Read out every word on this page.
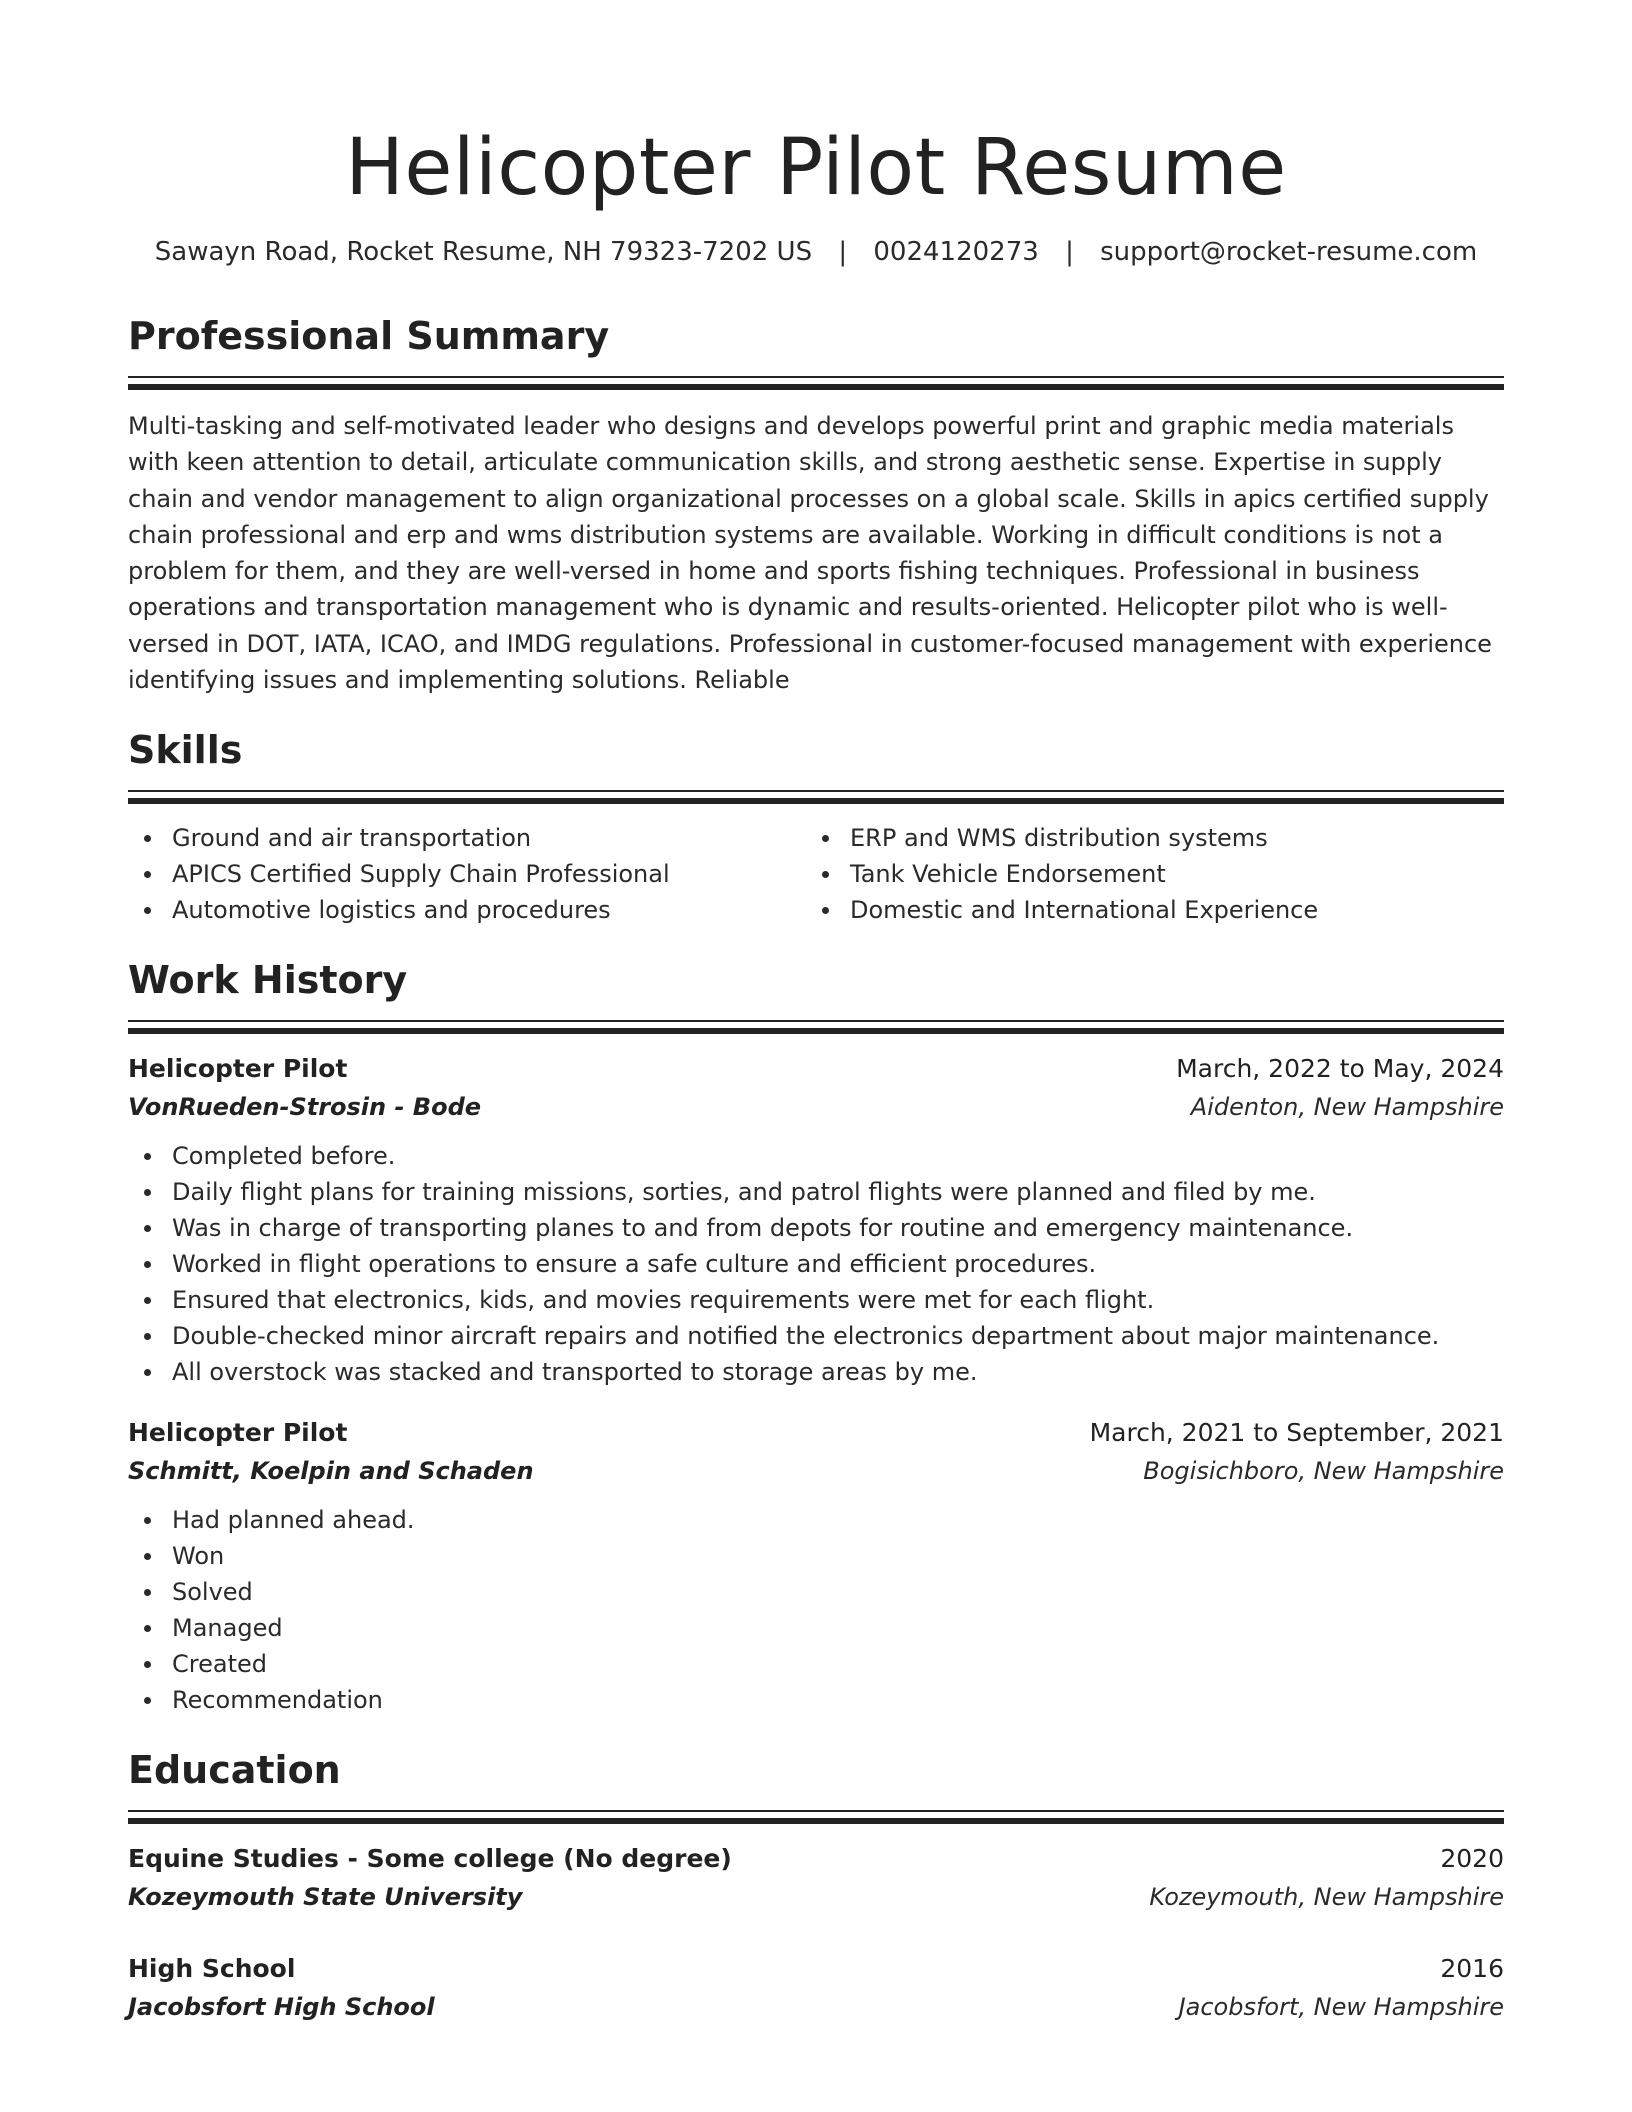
Helicopter Pilot Resume
Sawayn Road, Rocket Resume, NH 79323-7202 US | 0024120273 | support@rocket-resume.com
Professional Summary

Multi-tasking and self-motivated leader who designs and develops powerful print and graphic media materials with keen attention to detail, articulate communication skills, and strong aesthetic sense. Expertise in supply chain and vendor management to align organizational processes on a global scale. Skills in apics certified supply chain professional and erp and wms distribution systems are available. Working in difficult conditions is not a problem for them, and they are well-versed in home and sports fishing techniques. Professional in business operations and transportation management who is dynamic and results-oriented. Helicopter pilot who is well-versed in DOT, IATA, ICAO, and IMDG regulations. Professional in customer-focused management with experience identifying issues and implementing solutions. Reliable

Skills
Ground and air transportation
APICS Certified Supply Chain Professional
Automotive logistics and procedures
ERP and WMS distribution systems
Tank Vehicle Endorsement
Domestic and International Experience
Work History
Helicopter Pilot	March, 2022 to May, 2024
VonRueden-Strosin - Bode	Aidenton, New Hampshire
Completed before.
Daily flight plans for training missions, sorties, and patrol flights were planned and filed by me.
Was in charge of transporting planes to and from depots for routine and emergency maintenance.
Worked in flight operations to ensure a safe culture and efficient procedures.
Ensured that electronics, kids, and movies requirements were met for each flight.
Double-checked minor aircraft repairs and notified the electronics department about major maintenance.
All overstock was stacked and transported to storage areas by me.
Helicopter Pilot	March, 2021 to September, 2021
Schmitt, Koelpin and Schaden	Bogisichboro, New Hampshire
Had planned ahead.
Won
Solved
Managed
Created
Recommendation
Education
Equine Studies - Some college (No degree)	2020
Kozeymouth State University	Kozeymouth, New Hampshire
High School	2016
Jacobsfort High School	Jacobsfort, New Hampshire
